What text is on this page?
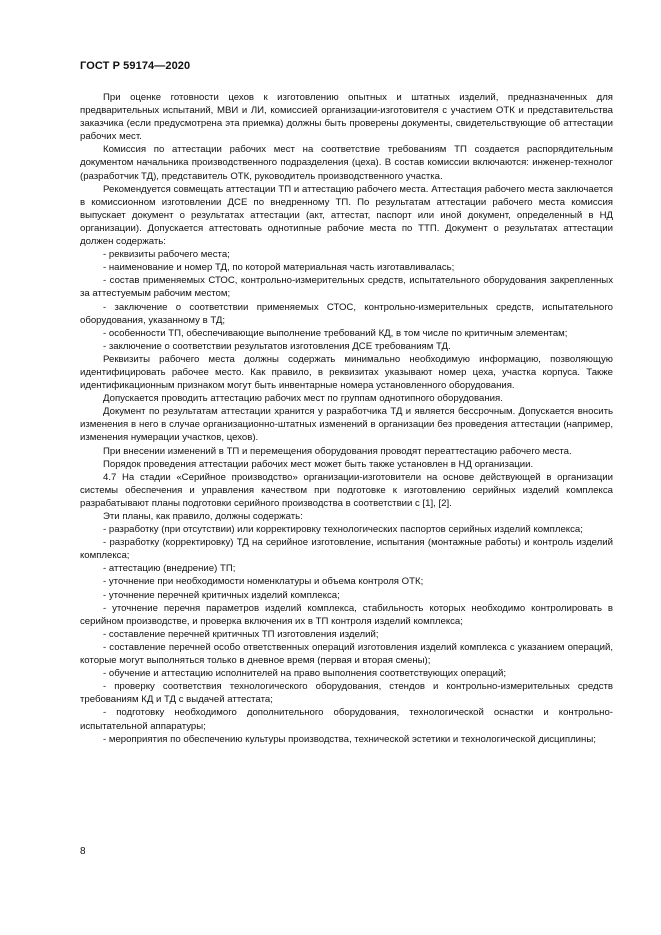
ГОСТ Р 59174—2020

При оценке готовности цехов к изготовлению опытных и штатных изделий, предназначенных для предварительных испытаний, МВИ и ЛИ, комиссией организации-изготовителя с участием ОТК и представительства заказчика (если предусмотрена эта приемка) должны быть проверены документы, свидетельствующие об аттестации рабочих мест.

Комиссия по аттестации рабочих мест на соответствие требованиям ТП создается распорядительным документом начальника производственного подразделения (цеха). В состав комиссии включаются: инженер-технолог (разработчик ТД), представитель ОТК, руководитель производственного участка.

Рекомендуется совмещать аттестации ТП и аттестацию рабочего места. Аттестация рабочего места заключается в комиссионном изготовлении ДСЕ по внедренному ТП. По результатам аттестации рабочего места комиссия выпускает документ о результатах аттестации (акт, аттестат, паспорт или иной документ, определенный в НД организации). Допускается аттестовать однотипные рабочие места по ТТП. Документ о результатах аттестации должен содержать:

- реквизиты рабочего места;

- наименование и номер ТД, по которой материальная часть изготавливалась;

- состав применяемых СТОС, контрольно-измерительных средств, испытательного оборудования закрепленных за аттестуемым рабочим местом;

- заключение о соответствии применяемых СТОС, контрольно-измерительных средств, испытательного оборудования, указанному в ТД;

- особенности ТП, обеспечивающие выполнение требований КД, в том числе по критичным элементам;

- заключение о соответствии результатов изготовления ДСЕ требованиям ТД.

Реквизиты рабочего места должны содержать минимально необходимую информацию, позволяющую идентифицировать рабочее место. Как правило, в реквизитах указывают номер цеха, участка корпуса. Также идентификационным признаком могут быть инвентарные номера установленного оборудования.

Допускается проводить аттестацию рабочих мест по группам однотипного оборудования.

Документ по результатам аттестации хранится у разработчика ТД и является бессрочным. Допускается вносить изменения в него в случае организационно-штатных изменений в организации без проведения аттестации (например, изменения нумерации участков, цехов).

При внесении изменений в ТП и перемещения оборудования проводят переаттестацию рабочего места.

Порядок проведения аттестации рабочих мест может быть также установлен в НД организации.

4.7 На стадии «Серийное производство» организации-изготовители на основе действующей в организации системы обеспечения и управления качеством при подготовке к изготовлению серийных изделий комплекса разрабатывают планы подготовки серийного производства в соответствии с [1], [2].

Эти планы, как правило, должны содержать:

- разработку (при отсутствии) или корректировку технологических паспортов серийных изделий комплекса;

- разработку (корректировку) ТД на серийное изготовление, испытания (монтажные работы) и контроль изделий комплекса;

- аттестацию (внедрение) ТП;

- уточнение при необходимости номенклатуры и объема контроля ОТК;

- уточнение перечней критичных изделий комплекса;

- уточнение перечня параметров изделий комплекса, стабильность которых необходимо контролировать в серийном производстве, и проверка включения их в ТП контроля изделий комплекса;

- составление перечней критичных ТП изготовления изделий;

- составление перечней особо ответственных операций изготовления изделий комплекса с указанием операций, которые могут выполняться только в дневное время (первая и вторая смены);

- обучение и аттестацию исполнителей на право выполнения соответствующих операций;

- проверку соответствия технологического оборудования, стендов и контрольно-измерительных средств требованиям КД и ТД с выдачей аттестата;

- подготовку необходимого дополнительного оборудования, технологической оснастки и контрольно-испытательной аппаратуры;

- мероприятия по обеспечению культуры производства, технической эстетики и технологической дисциплины;

8
